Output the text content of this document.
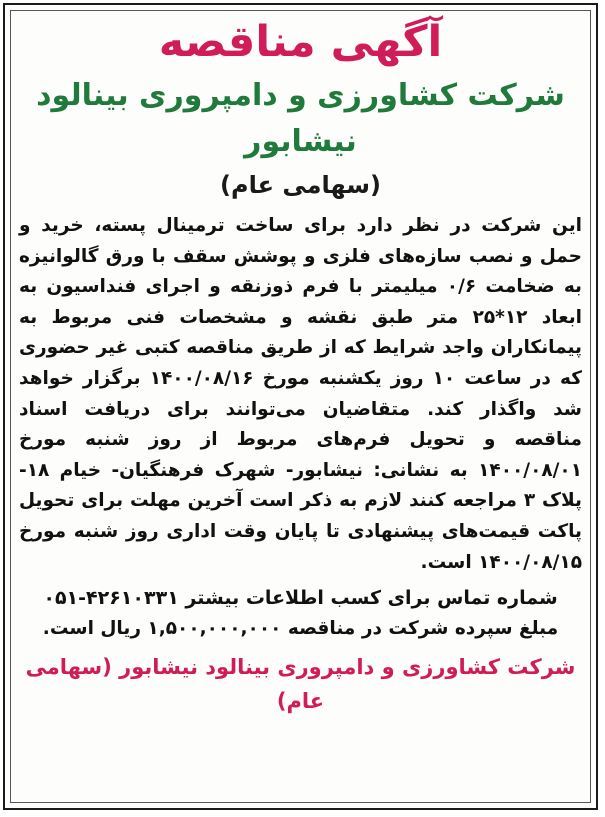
آگهی مناقصه
شرکت کشاورزی و دامپروری بینالود نیشابور
(سهامی عام)

این شرکت در نظر دارد برای ساخت ترمینال پسته، خرید و حمل و نصب سازه‌های فلزی و پوشش سقف با ورق گالوانیزه به ضخامت ۰/۶ میلیمتر با فرم ذوزنقه و اجرای فنداسیون به ابعاد ۱۲*۲۵ متر طبق نقشه و مشخصات فنی مربوط به پیمانکاران واجد شرایط که از طریق مناقصه کتبی غیر حضوری که در ساعت ۱۰ روز یکشنبه مورخ ۱۴۰۰/۰۸/۱۶ برگزار خواهد شد واگذار کند. متقاضیان می‌توانند برای دریافت اسناد مناقصه و تحویل فرم‌های مربوط از روز شنبه مورخ ۱۴۰۰/۰۸/۰۱ به نشانی: نیشابور- شهرک فرهنگیان- خیام ۱۸- پلاک ۳ مراجعه کنند لازم به ذکر است آخرین مهلت برای تحویل پاکت قیمت‌های پیشنهادی تا پایان وقت اداری روز شنبه مورخ ۱۴۰۰/۰۸/۱۵ است.

شماره تماس برای کسب اطلاعات بیشتر ۰۵۱-۴۲۶۱۰۳۳۱
مبلغ سپرده شرکت در مناقصه ۱,۵۰۰,۰۰۰,۰۰۰ ریال است.
شرکت کشاورزی و دامپروری بینالود نیشابور (سهامی عام)
